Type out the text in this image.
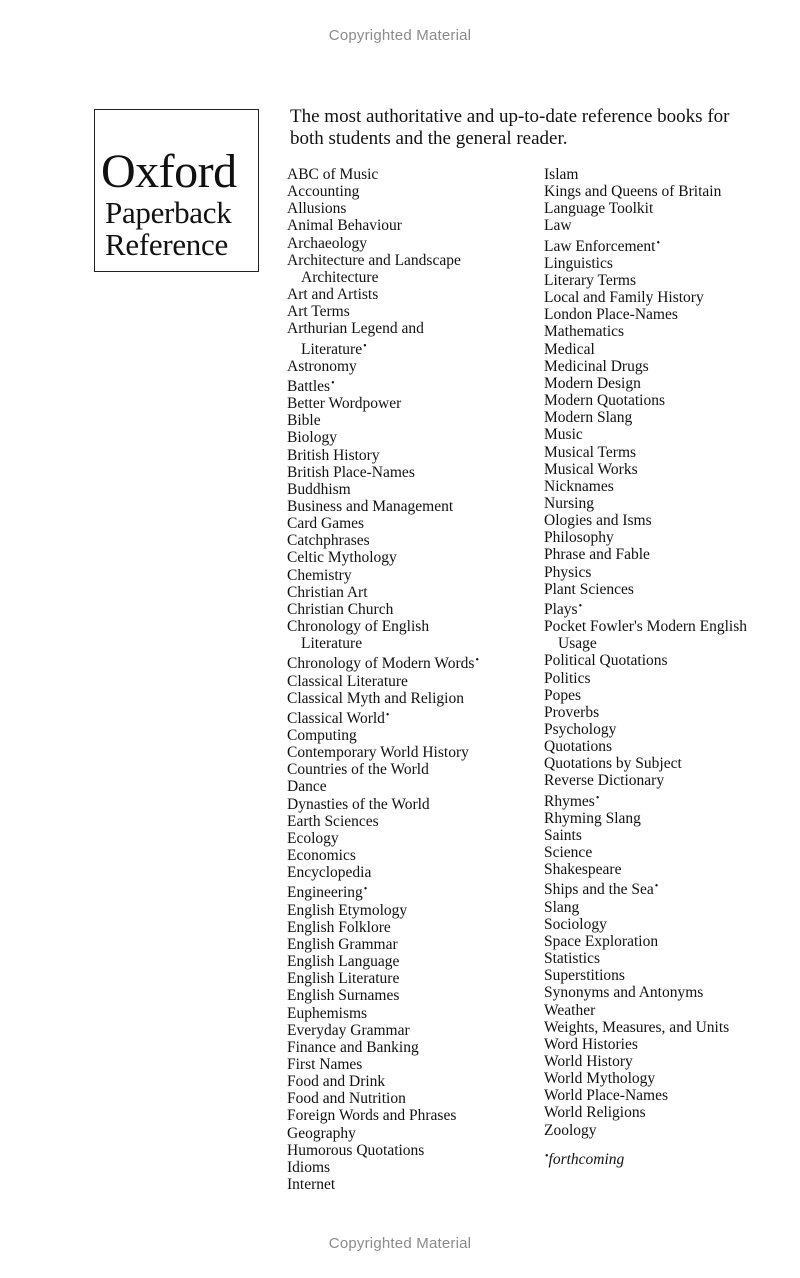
Copyrighted Material
Oxford
Paperback
Reference
The most authoritative and up-to-date reference books for both students and the general reader.
ABC of Music
Accounting
Allusions
Animal Behaviour
Archaeology
Architecture and Landscape
Architecture
Art and Artists
Art Terms
Arthurian Legend and
Literature•
Astronomy
Battles•
Better Wordpower
Bible
Biology
British History
British Place-Names
Buddhism
Business and Management
Card Games
Catchphrases
Celtic Mythology
Chemistry
Christian Art
Christian Church
Chronology of English
Literature
Chronology of Modern Words•
Classical Literature
Classical Myth and Religion
Classical World•
Computing
Contemporary World History
Countries of the World
Dance
Dynasties of the World
Earth Sciences
Ecology
Economics
Encyclopedia
Engineering•
English Etymology
English Folklore
English Grammar
English Language
English Literature
English Surnames
Euphemisms
Everyday Grammar
Finance and Banking
First Names
Food and Drink
Food and Nutrition
Foreign Words and Phrases
Geography
Humorous Quotations
Idioms
Internet
Islam
Kings and Queens of Britain
Language Toolkit
Law
Law Enforcement•
Linguistics
Literary Terms
Local and Family History
London Place-Names
Mathematics
Medical
Medicinal Drugs
Modern Design
Modern Quotations
Modern Slang
Music
Musical Terms
Musical Works
Nicknames
Nursing
Ologies and Isms
Philosophy
Phrase and Fable
Physics
Plant Sciences
Plays•
Pocket Fowler's Modern English
Usage
Political Quotations
Politics
Popes
Proverbs
Psychology
Quotations
Quotations by Subject
Reverse Dictionary
Rhymes•
Rhyming Slang
Saints
Science
Shakespeare
Ships and the Sea•
Slang
Sociology
Space Exploration
Statistics
Superstitions
Synonyms and Antonyms
Weather
Weights, Measures, and Units
Word Histories
World History
World Mythology
World Place-Names
World Religions
Zoology
•forthcoming
Copyrighted Material
